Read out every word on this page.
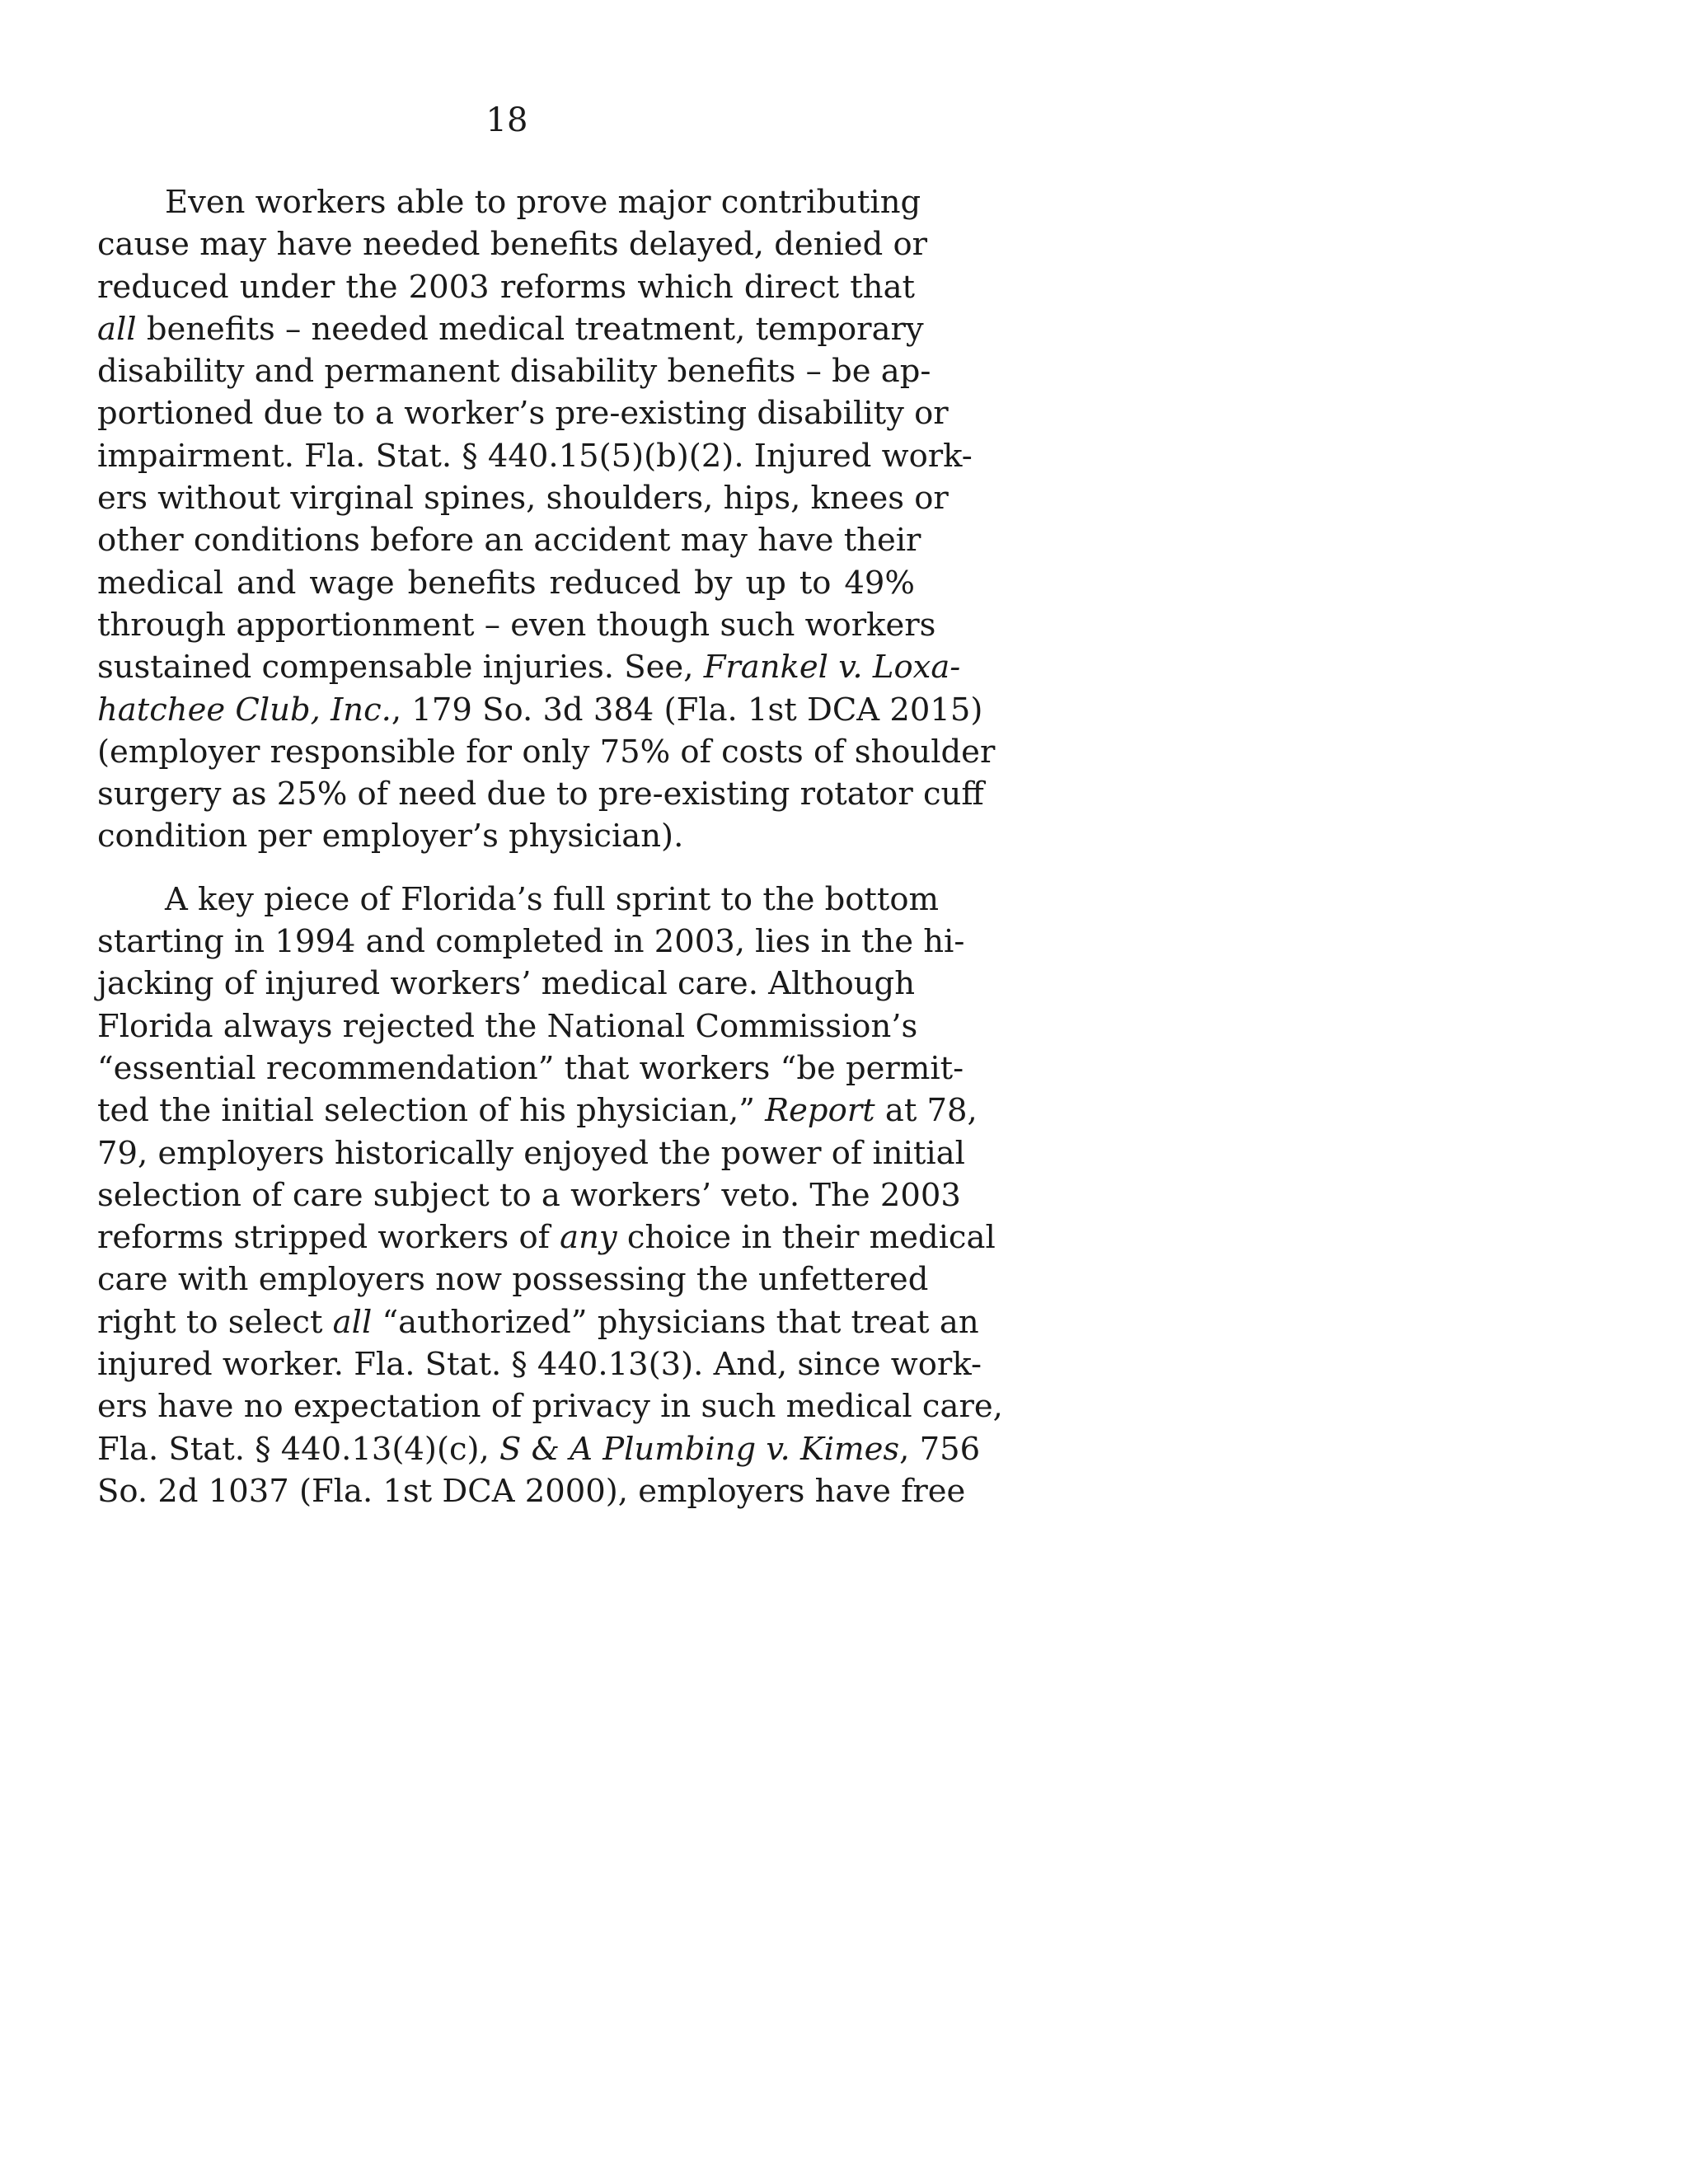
18
Even workers able to prove major contributing
cause may have needed benefits delayed, denied or
reduced under the 2003 reforms which direct that
all benefits – needed medical treatment, temporary
disability and permanent disability benefits – be ap-
portioned due to a worker’s pre-existing disability or
impairment. Fla. Stat. § 440.15(5)(b)(2). Injured work-
ers without virginal spines, shoulders, hips, knees or
other conditions before an accident may have their
medical and wage benefits reduced by up to 49%
through apportionment – even though such workers
sustained compensable injuries. See, Frankel v. Loxa-
hatchee Club, Inc., 179 So. 3d 384 (Fla. 1st DCA 2015)
(employer responsible for only 75% of costs of shoulder
surgery as 25% of need due to pre-existing rotator cuff
condition per employer’s physician).
A key piece of Florida’s full sprint to the bottom
starting in 1994 and completed in 2003, lies in the hi-
jacking of injured workers’ medical care. Although
Florida always rejected the National Commission’s
“essential recommendation” that workers “be permit-
ted the initial selection of his physician,” Report at 78,
79, employers historically enjoyed the power of initial
selection of care subject to a workers’ veto. The 2003
reforms stripped workers of any choice in their medical
care with employers now possessing the unfettered
right to select all “authorized” physicians that treat an
injured worker. Fla. Stat. § 440.13(3). And, since work-
ers have no expectation of privacy in such medical care,
Fla. Stat. § 440.13(4)(c), S & A Plumbing v. Kimes, 756
So. 2d 1037 (Fla. 1st DCA 2000), employers have free
